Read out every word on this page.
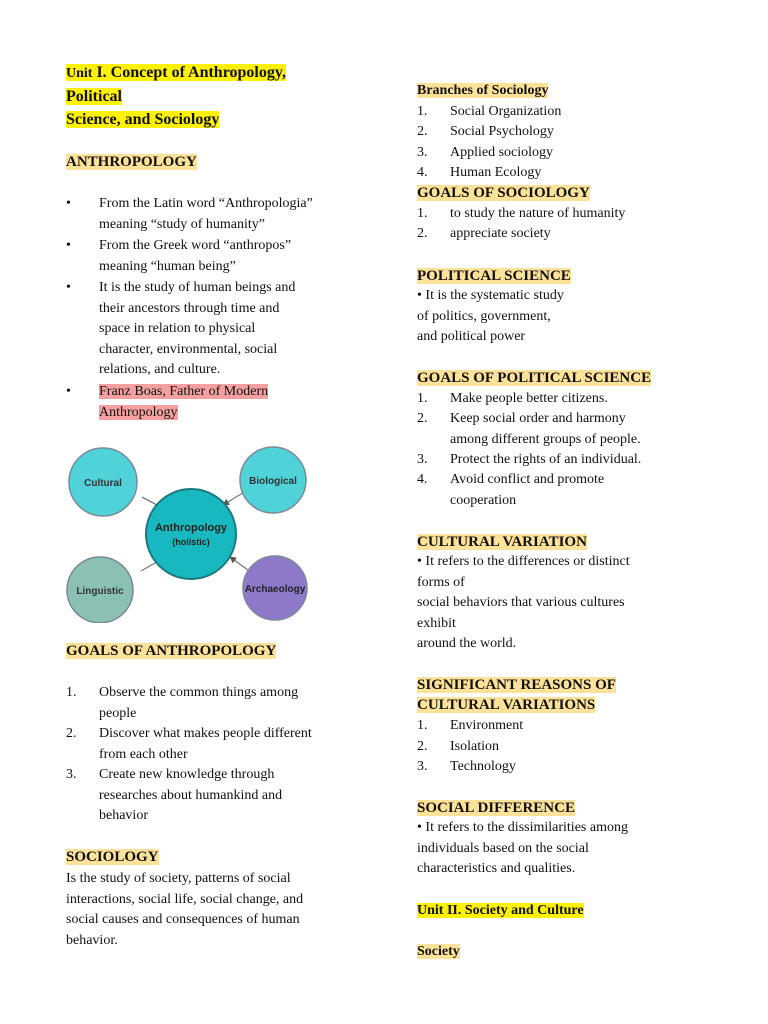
Unit I. Concept of Anthropology,
Political
Science, and Sociology
ANTHROPOLOGY
• From the Latin word “Anthropologia”
meaning “study of humanity”
• From the Greek word “anthropos”
meaning “human being”
• It is the study of human beings and
their ancestors through time and
space in relation to physical
character, environmental, social
relations, and culture.
• Franz Boas, Father of Modern
Anthropology
GOALS OF ANTHROPOLOGY
1. Observe the common things among
people
2. Discover what makes people different
from each other
3. Create new knowledge through
researches about humankind and
behavior
SOCIOLOGY
Is the study of society, patterns of social
interactions, social life, social change, and
social causes and consequences of human
behavior.
Cultural	Biological
Linguistic	Archaeology
Anthropology
(holistic)
Branches of Sociology
1. Social Organization
2. Social Psychology
3. Applied sociology
4. Human Ecology
GOALS OF SOCIOLOGY
1. to study the nature of humanity
2. appreciate society
POLITICAL SCIENCE
• It is the systematic study
of politics, government,
and political power
GOALS OF POLITICAL SCIENCE
1. Make people better citizens.
2. Keep social order and harmony
among different groups of people.
3. Protect the rights of an individual.
4. Avoid conflict and promote
cooperation
CULTURAL VARIATION
• It refers to the differences or distinct
forms of
social behaviors that various cultures
exhibit
around the world.
SIGNIFICANT REASONS OF
CULTURAL VARIATIONS
1. Environment
2. Isolation
3. Technology
SOCIAL DIFFERENCE
• It refers to the dissimilarities among
individuals based on the social
characteristics and qualities.
Unit II. Society and Culture
Society
